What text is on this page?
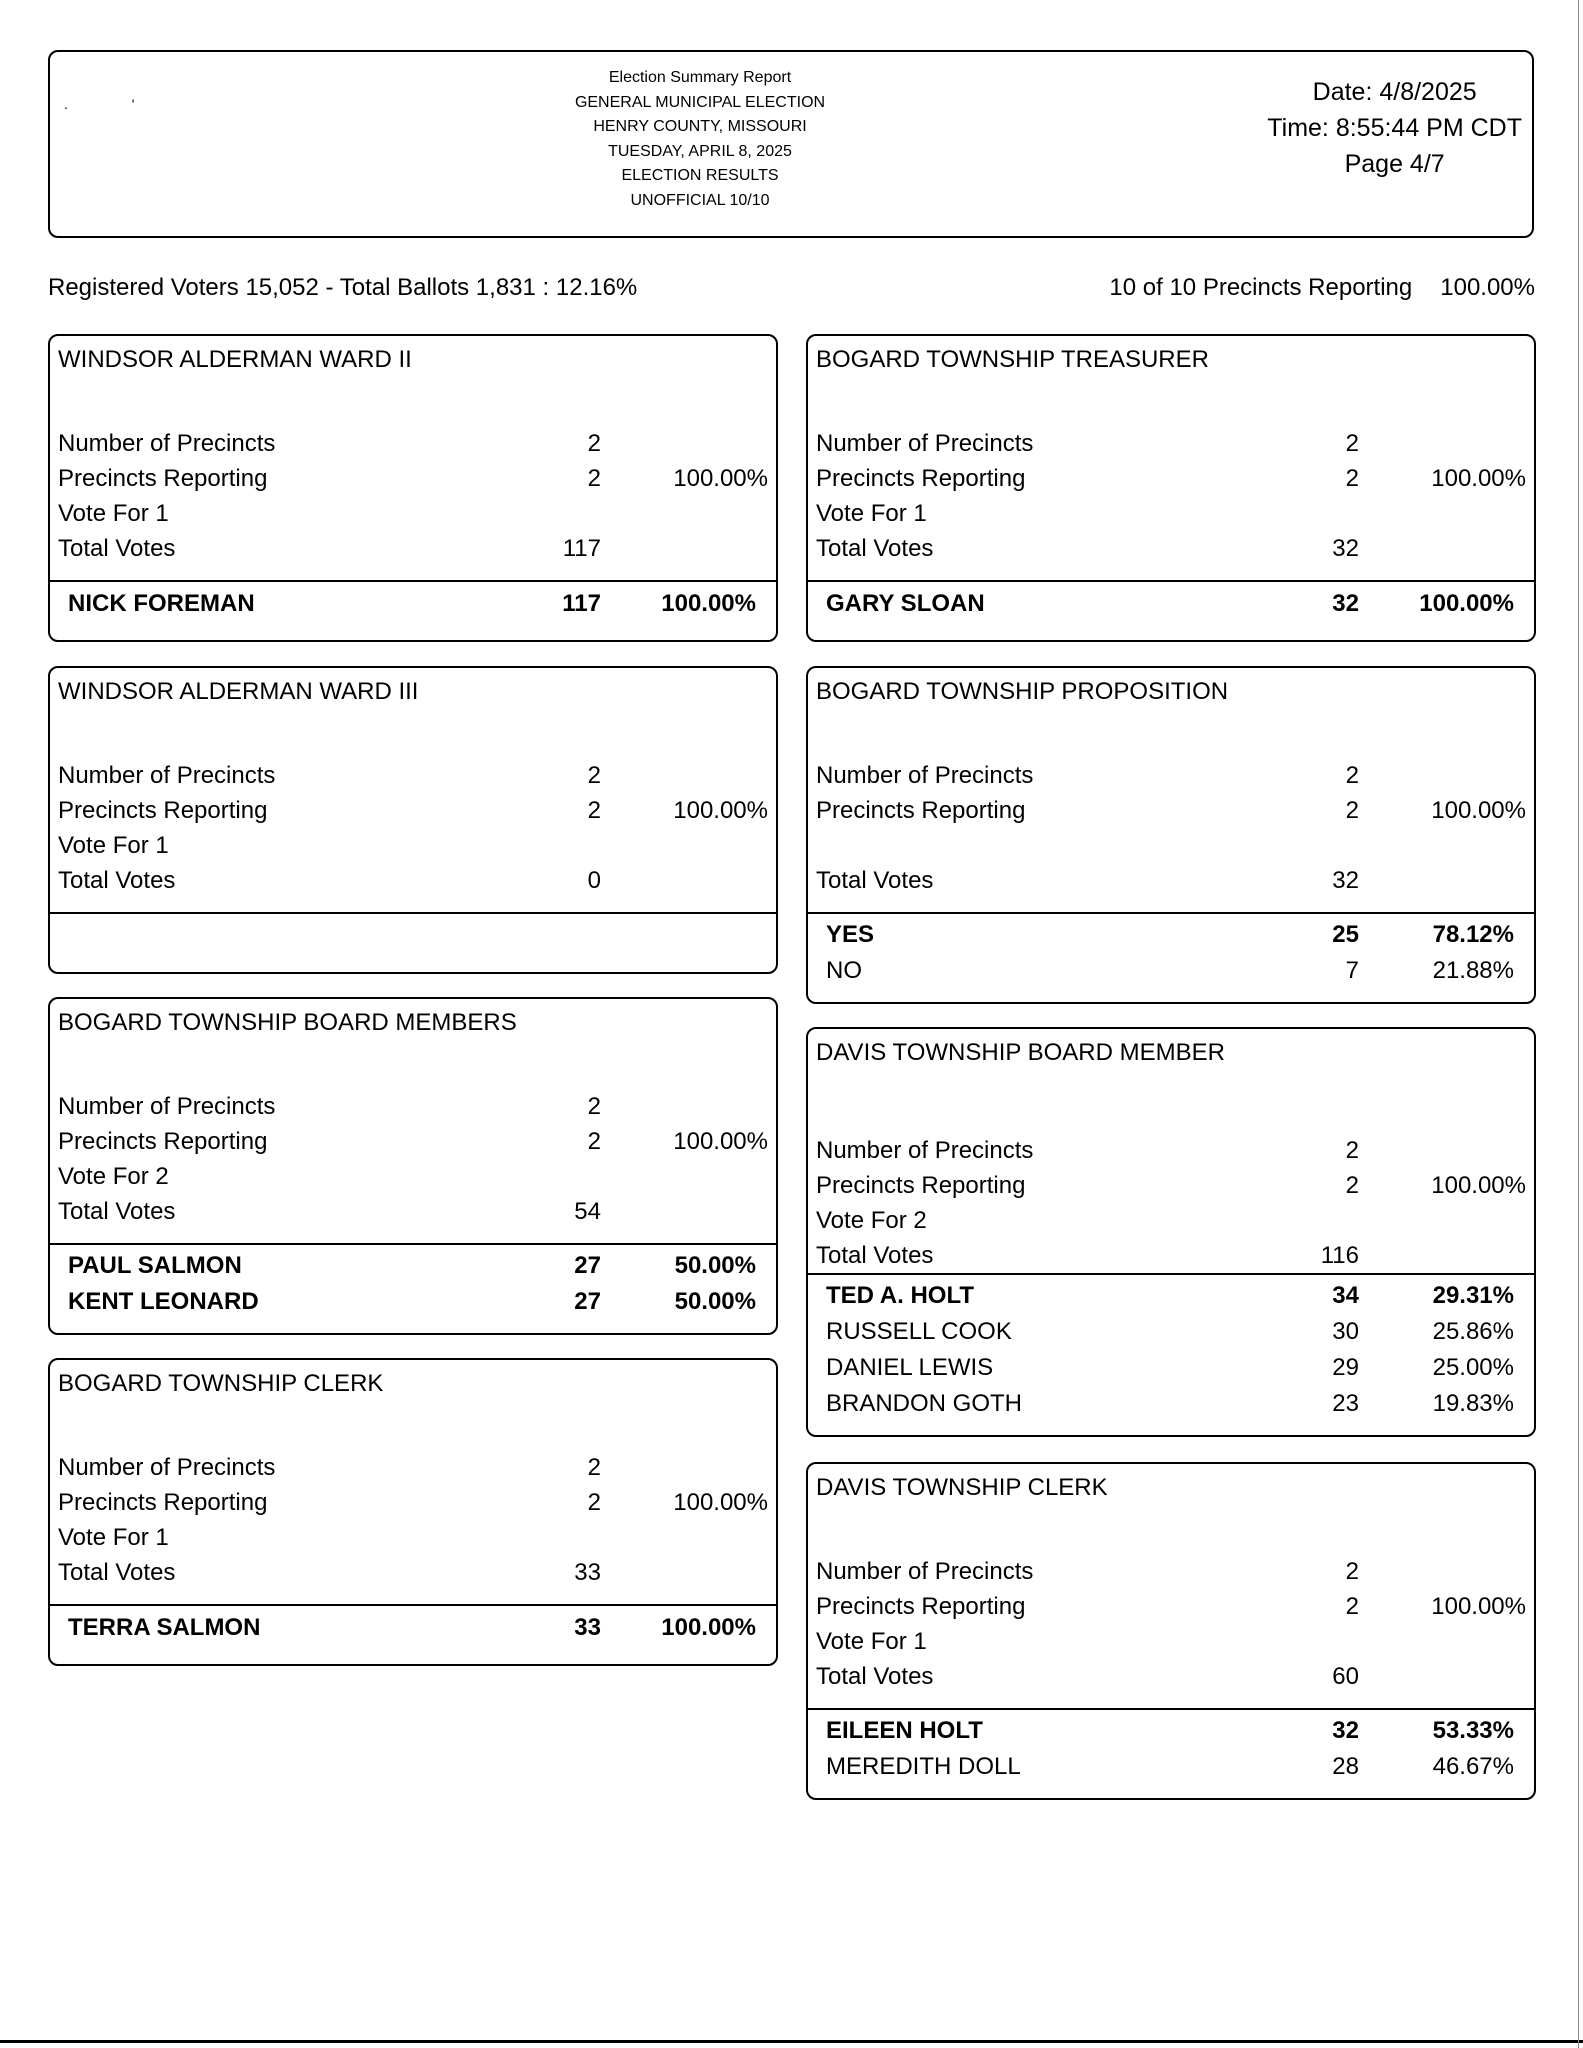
. '
Election Summary Report
GENERAL MUNICIPAL ELECTION
HENRY COUNTY, MISSOURI
TUESDAY, APRIL 8, 2025
ELECTION RESULTS
UNOFFICIAL 10/10
Date: 4/8/2025
Time: 8:55:44 PM CDT
Page 4/7
Registered Voters 15,052 - Total Ballots 1,831 : 12.16%	10 of 10 Precincts Reporting 100.00%
WINDSOR ALDERMAN WARD II
Number of Precincts	2
Precincts Reporting	2	100.00%
Vote For 1
Total Votes	117
NICK FOREMAN	117	100.00%
WINDSOR ALDERMAN WARD III
Number of Precincts	2
Precincts Reporting	2	100.00%
Vote For 1
Total Votes	0
BOGARD TOWNSHIP BOARD MEMBERS
Number of Precincts	2
Precincts Reporting	2	100.00%
Vote For 2
Total Votes	54
PAUL SALMON	27	50.00%
KENT LEONARD	27	50.00%
BOGARD TOWNSHIP CLERK
Number of Precincts	2
Precincts Reporting	2	100.00%
Vote For 1
Total Votes	33
TERRA SALMON	33	100.00%
BOGARD TOWNSHIP TREASURER
Number of Precincts	2
Precincts Reporting	2	100.00%
Vote For 1
Total Votes	32
GARY SLOAN	32	100.00%
BOGARD TOWNSHIP PROPOSITION
Number of Precincts	2
Precincts Reporting	2	100.00%
Total Votes	32
YES	25	78.12%
NO	7	21.88%
DAVIS TOWNSHIP BOARD MEMBER
Number of Precincts	2
Precincts Reporting	2	100.00%
Vote For 2
Total Votes	116
TED A. HOLT	34	29.31%
RUSSELL COOK	30	25.86%
DANIEL LEWIS	29	25.00%
BRANDON GOTH	23	19.83%
DAVIS TOWNSHIP CLERK
Number of Precincts	2
Precincts Reporting	2	100.00%
Vote For 1
Total Votes	60
EILEEN HOLT	32	53.33%
MEREDITH DOLL	28	46.67%
